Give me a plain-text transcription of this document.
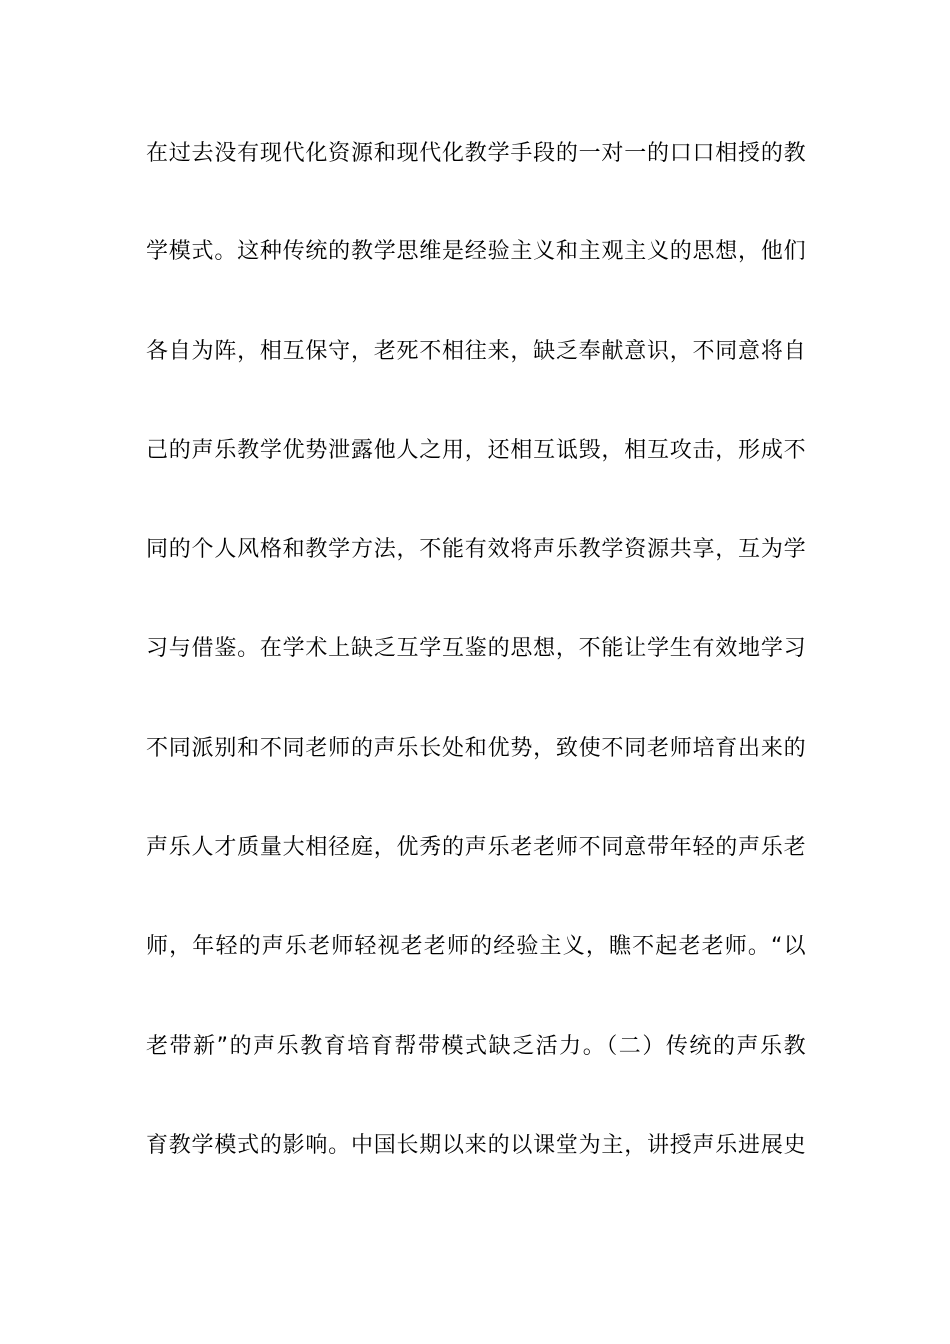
在过去没有现代化资源和现代化教学手段的一对一的口口相授的教
学模式。这种传统的教学思维是经验主义和主观主义的思想，他们
各自为阵，相互保守，老死不相往来，缺乏奉献意识，不同意将自
己的声乐教学优势泄露他人之用，还相互诋毁，相互攻击，形成不
同的个人风格和教学方法，不能有效将声乐教学资源共享，互为学
习与借鉴。在学术上缺乏互学互鉴的思想，不能让学生有效地学习
不同派别和不同老师的声乐长处和优势，致使不同老师培育出来的
声乐人才质量大相径庭，优秀的声乐老老师不同意带年轻的声乐老
师，年轻的声乐老师轻视老老师的经验主义，瞧不起老老师。“以
老带新”的声乐教育培育帮带模式缺乏活力。（二）传统的声乐教
育教学模式的影响。中国长期以来的以课堂为主，讲授声乐进展史
